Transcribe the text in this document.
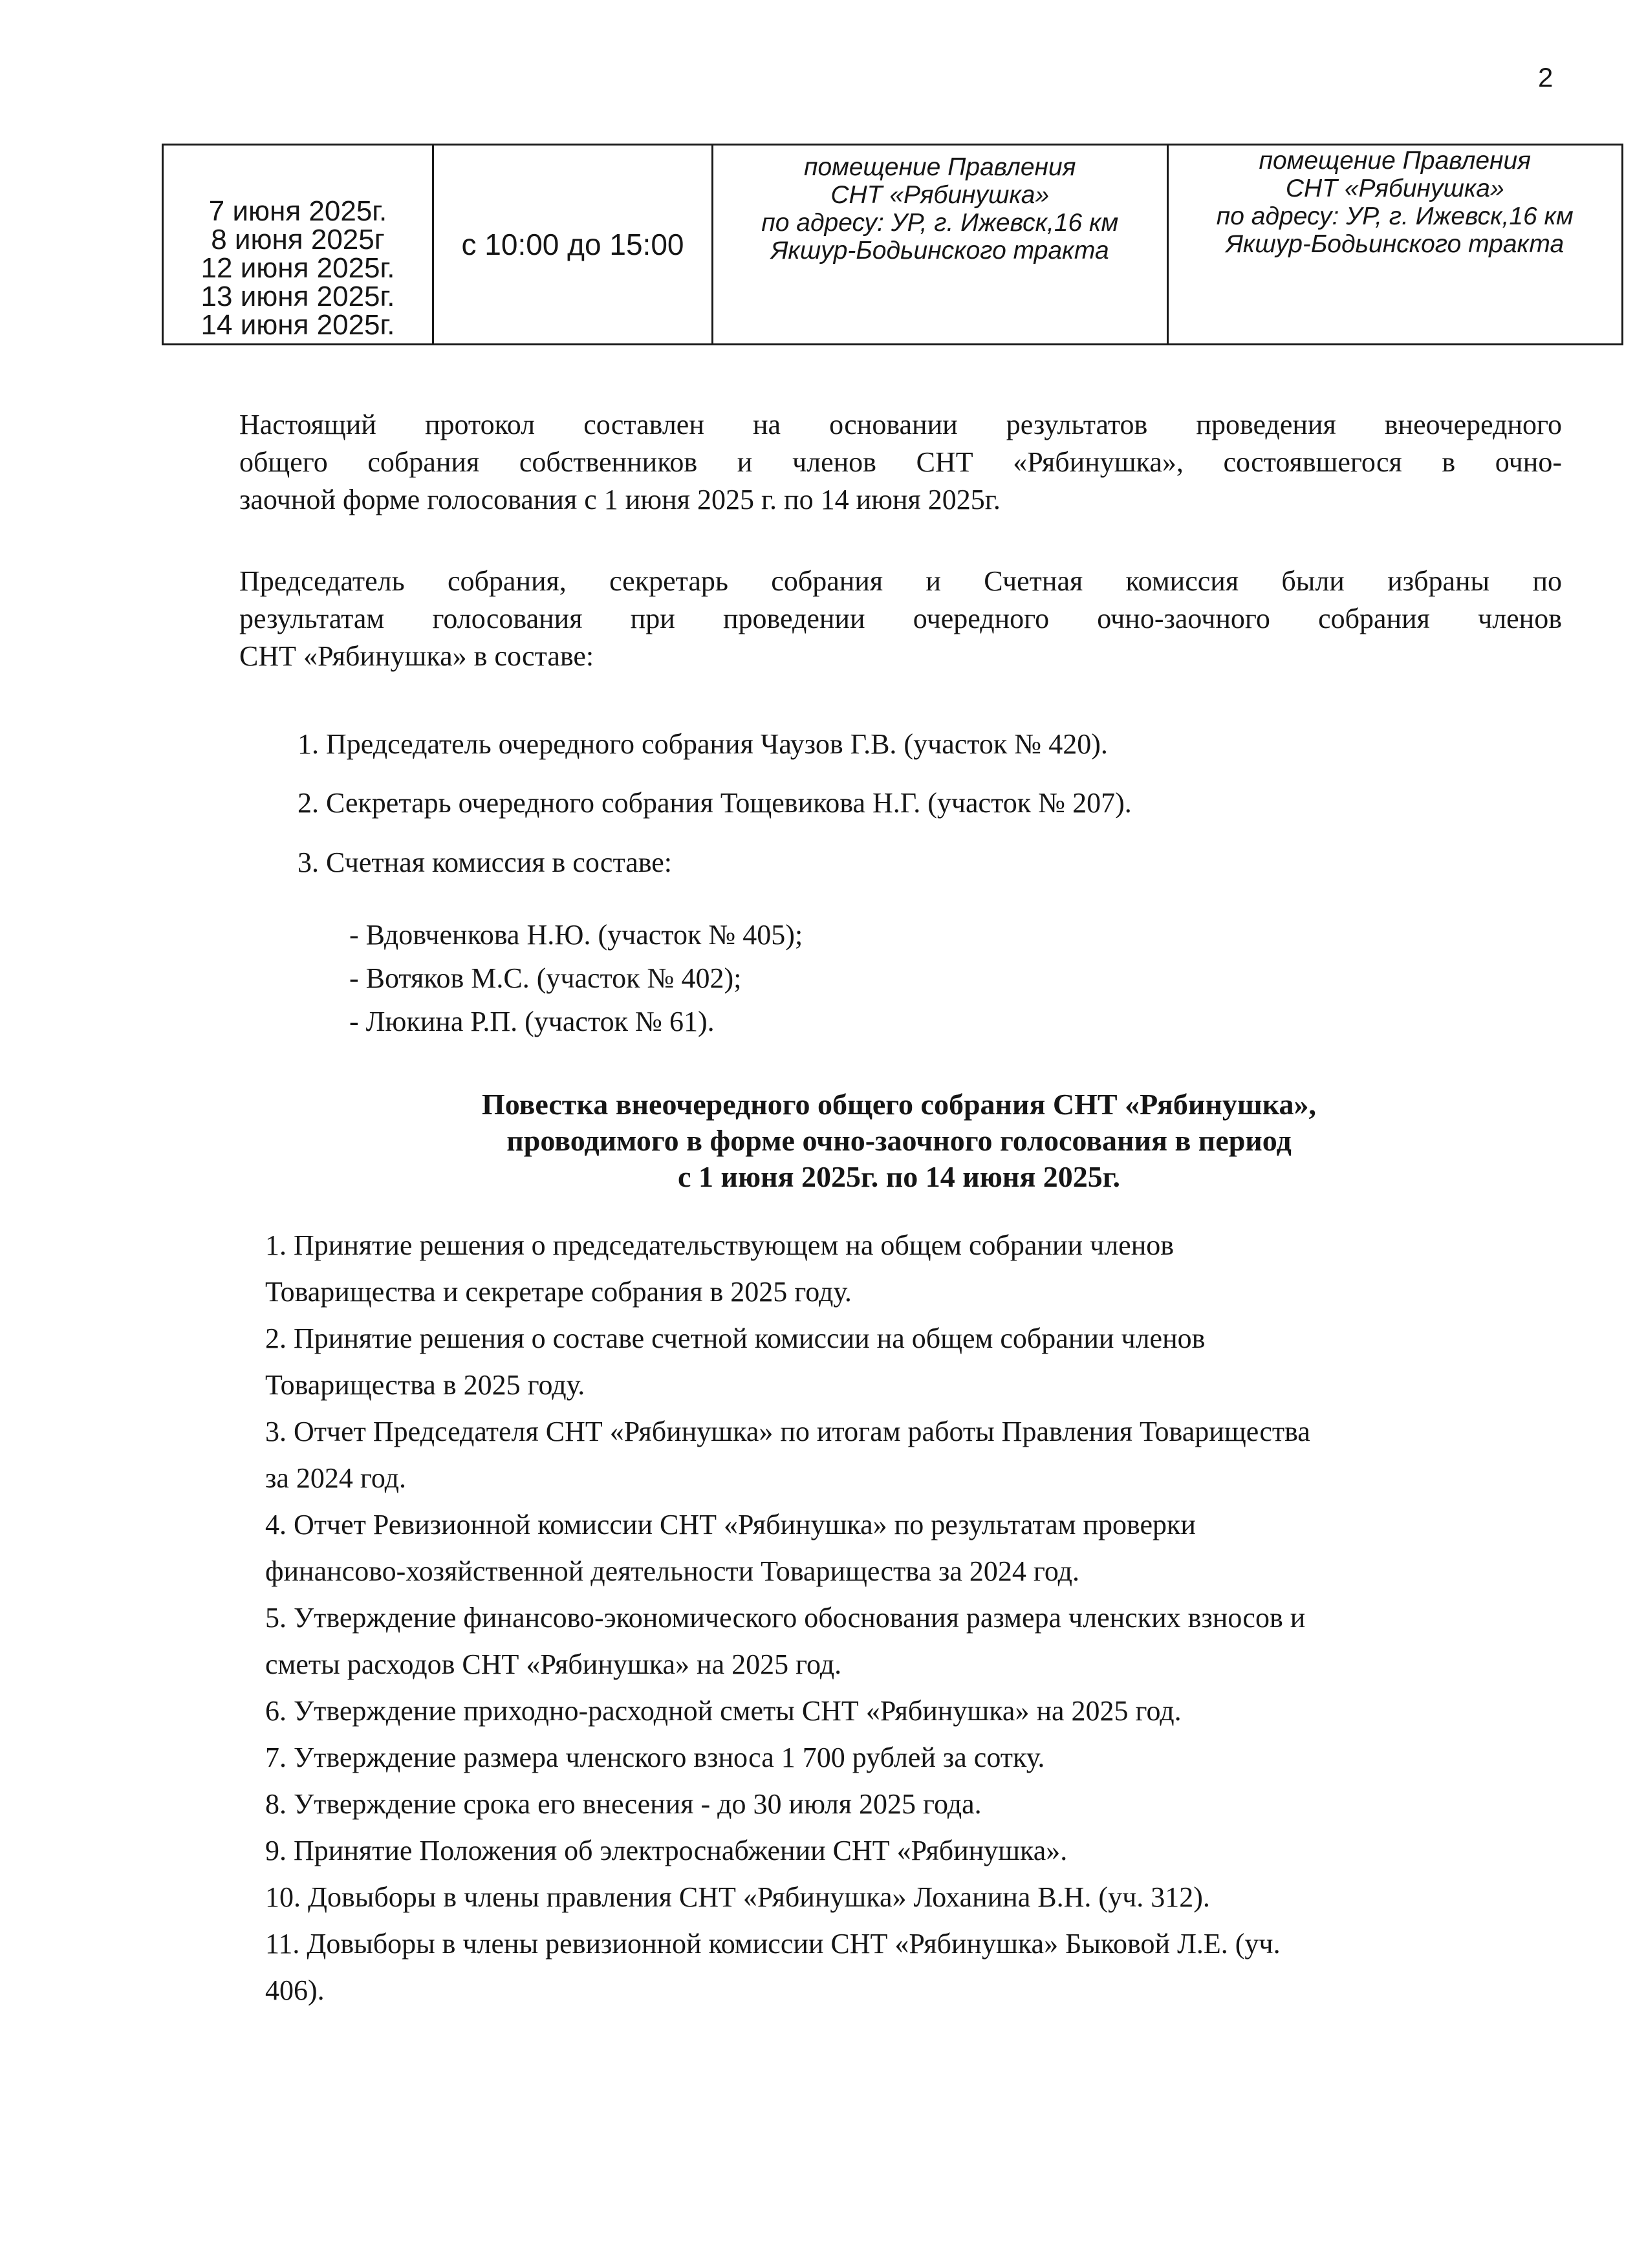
2
7 июня 2025г.
8 июня 2025г
12 июня 2025г.
13 июня 2025г.
14 июня 2025г.
с 10:00 до 15:00
помещение Правления
СНТ «Рябинушка»
по адресу: УР, г. Ижевск,16 км
Якшур-Бодьинского тракта
помещение Правления
СНТ «Рябинушка»
по адресу: УР, г. Ижевск,16 км
Якшур-Бодьинского тракта
Настоящий протокол составлен на основании результатов проведения внеочередного
общего собрания собственников и членов СНТ «Рябинушка», состоявшегося в очно-
заочной форме голосования с 1 июня 2025 г. по 14 июня 2025г.
Председатель собрания, секретарь собрания и Счетная комиссия были избраны по
результатам голосования при проведении очередного очно-заочного собрания членов
СНТ «Рябинушка» в составе:
1. Председатель очередного собрания Чаузов Г.В. (участок № 420).
2. Секретарь очередного собрания Тощевикова Н.Г. (участок № 207).
3. Счетная комиссия в составе:
- Вдовченкова Н.Ю. (участок № 405);
- Вотяков М.С. (участок № 402);
- Люкина Р.П. (участок № 61).
Повестка внеочередного общего собрания СНТ «Рябинушка»,
проводимого в форме очно-заочного голосования в период
с 1 июня 2025г. по 14 июня 2025г.
1. Принятие решения о председательствующем на общем собрании членов
Товарищества и секретаре собрания в 2025 году.
2. Принятие решения о составе счетной комиссии на общем собрании членов
Товарищества в 2025 году.
3. Отчет Председателя СНТ «Рябинушка» по итогам работы Правления Товарищества
за 2024 год.
4. Отчет Ревизионной комиссии СНТ «Рябинушка» по результатам проверки
финансово-хозяйственной деятельности Товарищества за 2024 год.
5. Утверждение финансово-экономического обоснования размера членских взносов и
сметы расходов СНТ «Рябинушка» на 2025 год.
6. Утверждение приходно-расходной сметы СНТ «Рябинушка» на 2025 год.
7. Утверждение размера членского взноса 1 700 рублей за сотку.
8. Утверждение срока его внесения - до 30 июля 2025 года.
9. Принятие Положения об электроснабжении СНТ «Рябинушка».
10. Довыборы в члены правления СНТ «Рябинушка» Лоханина В.Н. (уч. 312).
11. Довыборы в члены ревизионной комиссии СНТ «Рябинушка» Быковой Л.Е. (уч.
406).
